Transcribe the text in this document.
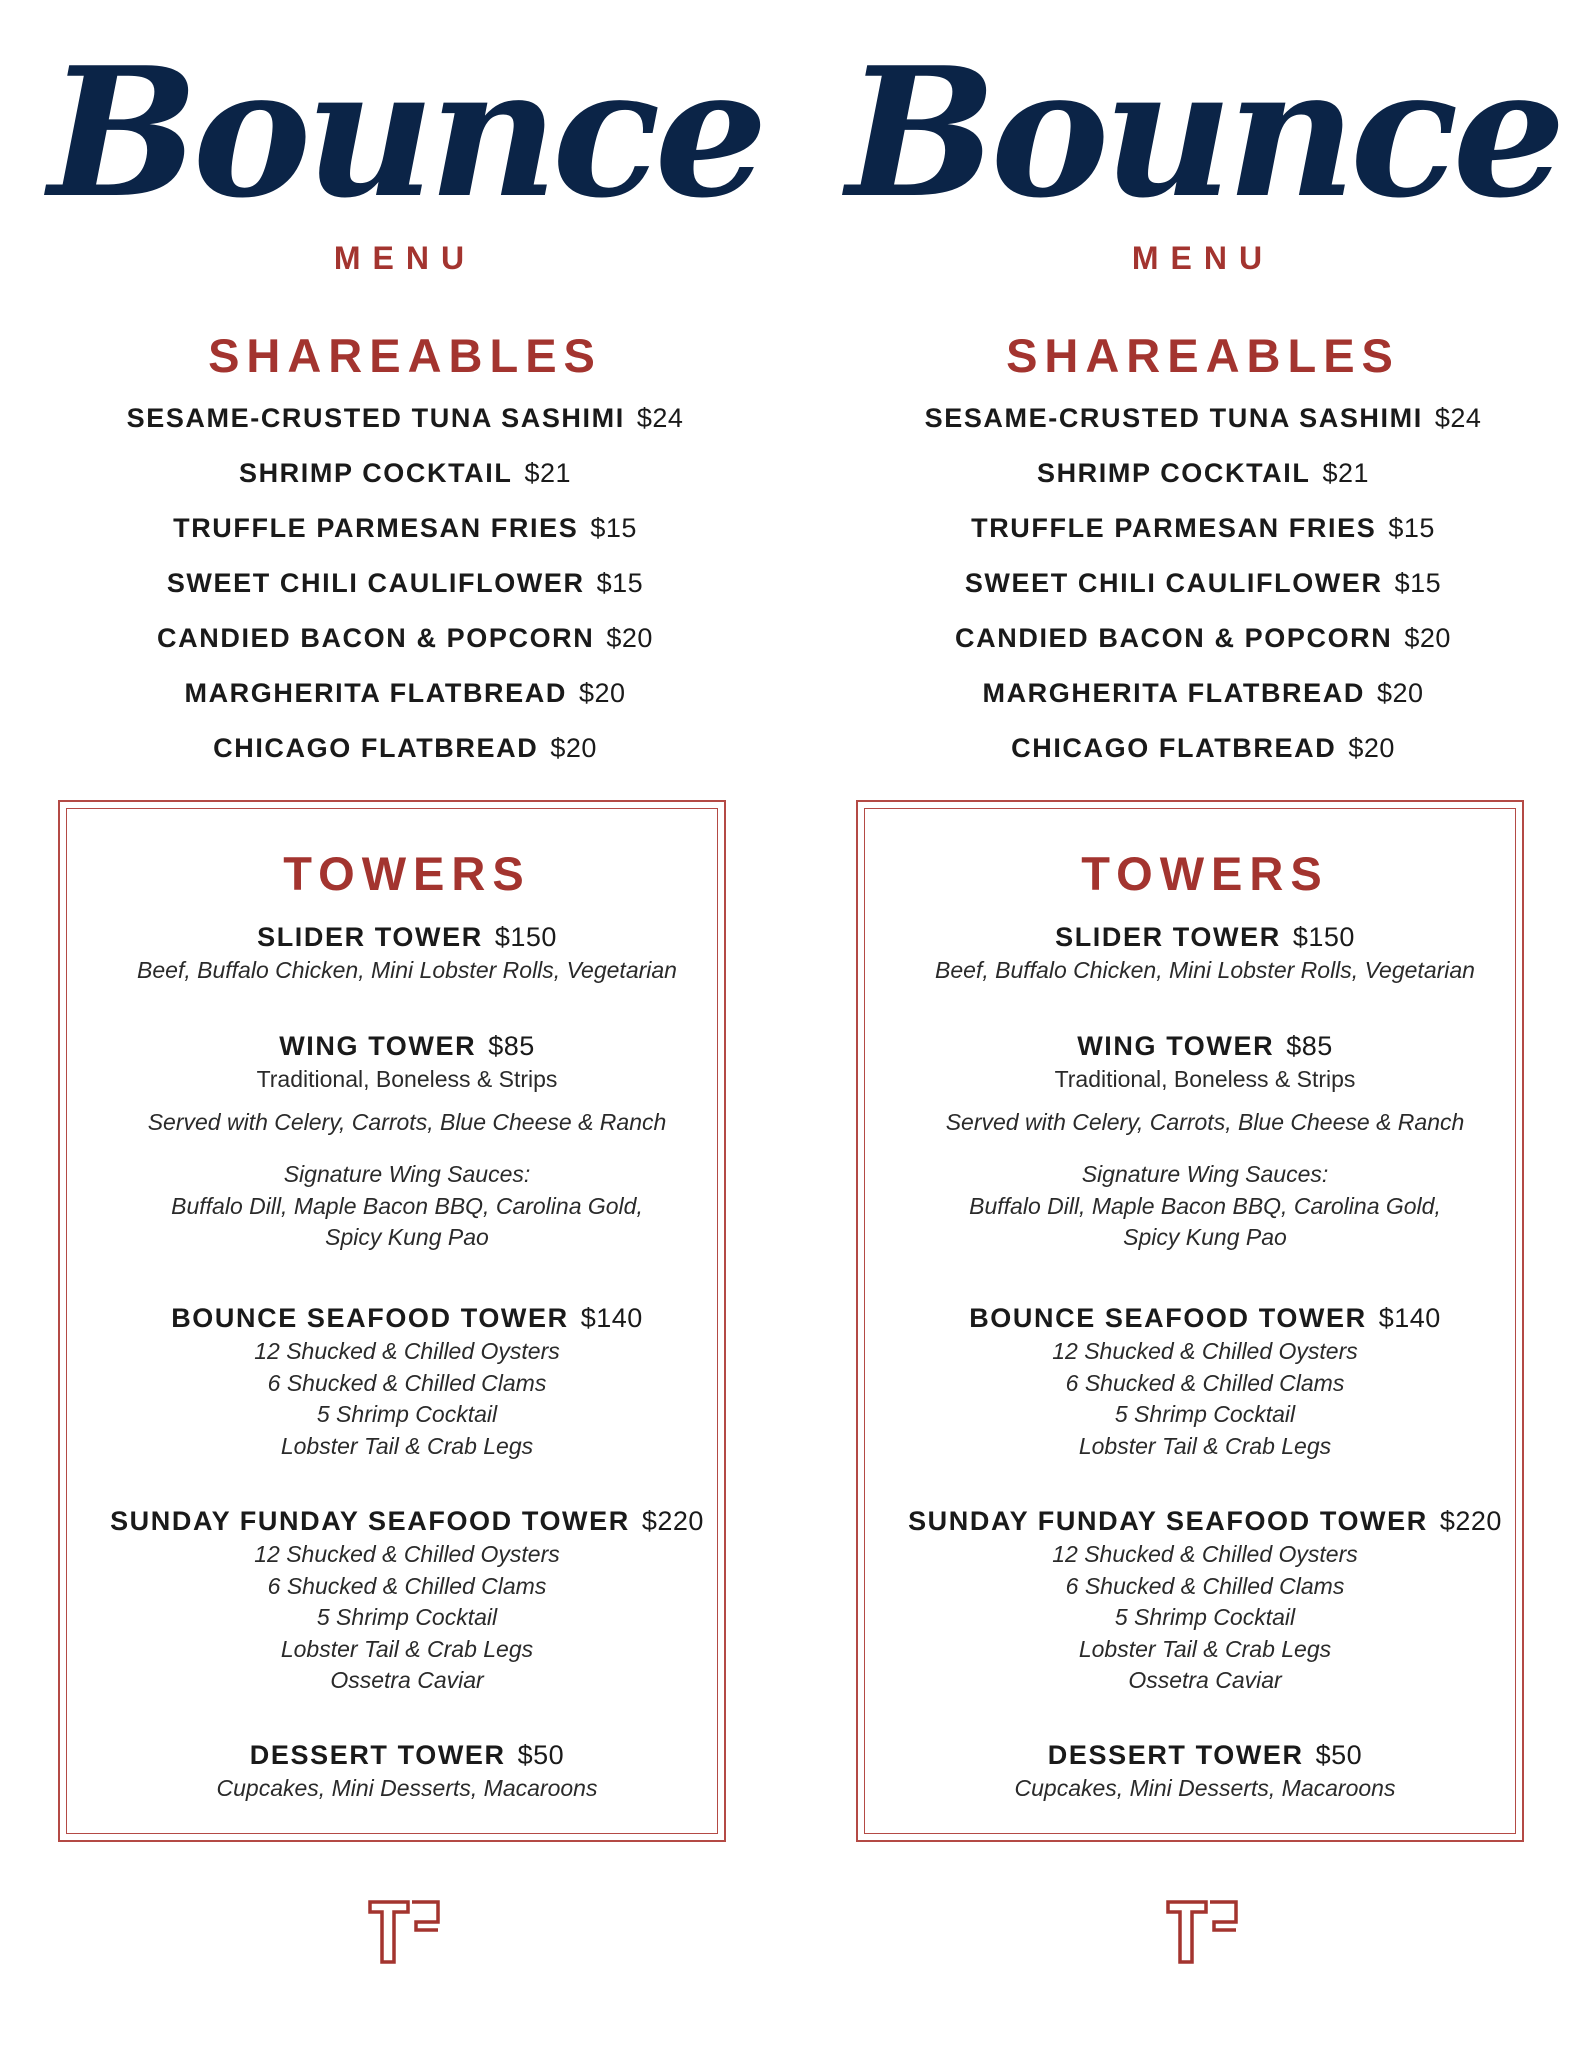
Bounce
MENU
SHAREABLES
SESAME-CRUSTED TUNA SASHIMI $24
SHRIMP COCKTAIL $21
TRUFFLE PARMESAN FRIES $15
SWEET CHILI CAULIFLOWER $15
CANDIED BACON & POPCORN $20
MARGHERITA FLATBREAD $20
CHICAGO FLATBREAD $20
TOWERS
SLIDER TOWER $150
Beef, Buffalo Chicken, Mini Lobster Rolls, Vegetarian
WING TOWER $85
Traditional, Boneless & Strips
Served with Celery, Carrots, Blue Cheese & Ranch
Signature Wing Sauces:
Buffalo Dill, Maple Bacon BBQ, Carolina Gold,
Spicy Kung Pao
BOUNCE SEAFOOD TOWER $140
12 Shucked & Chilled Oysters
6 Shucked & Chilled Clams
5 Shrimp Cocktail
Lobster Tail & Crab Legs
SUNDAY FUNDAY SEAFOOD TOWER $220
12 Shucked & Chilled Oysters
6 Shucked & Chilled Clams
5 Shrimp Cocktail
Lobster Tail & Crab Legs
Ossetra Caviar
DESSERT TOWER $50
Cupcakes, Mini Desserts, Macaroons
Bounce
MENU
SHAREABLES
SESAME-CRUSTED TUNA SASHIMI $24
SHRIMP COCKTAIL $21
TRUFFLE PARMESAN FRIES $15
SWEET CHILI CAULIFLOWER $15
CANDIED BACON & POPCORN $20
MARGHERITA FLATBREAD $20
CHICAGO FLATBREAD $20
TOWERS
SLIDER TOWER $150
Beef, Buffalo Chicken, Mini Lobster Rolls, Vegetarian
WING TOWER $85
Traditional, Boneless & Strips
Served with Celery, Carrots, Blue Cheese & Ranch
Signature Wing Sauces:
Buffalo Dill, Maple Bacon BBQ, Carolina Gold,
Spicy Kung Pao
BOUNCE SEAFOOD TOWER $140
12 Shucked & Chilled Oysters
6 Shucked & Chilled Clams
5 Shrimp Cocktail
Lobster Tail & Crab Legs
SUNDAY FUNDAY SEAFOOD TOWER $220
12 Shucked & Chilled Oysters
6 Shucked & Chilled Clams
5 Shrimp Cocktail
Lobster Tail & Crab Legs
Ossetra Caviar
DESSERT TOWER $50
Cupcakes, Mini Desserts, Macaroons
